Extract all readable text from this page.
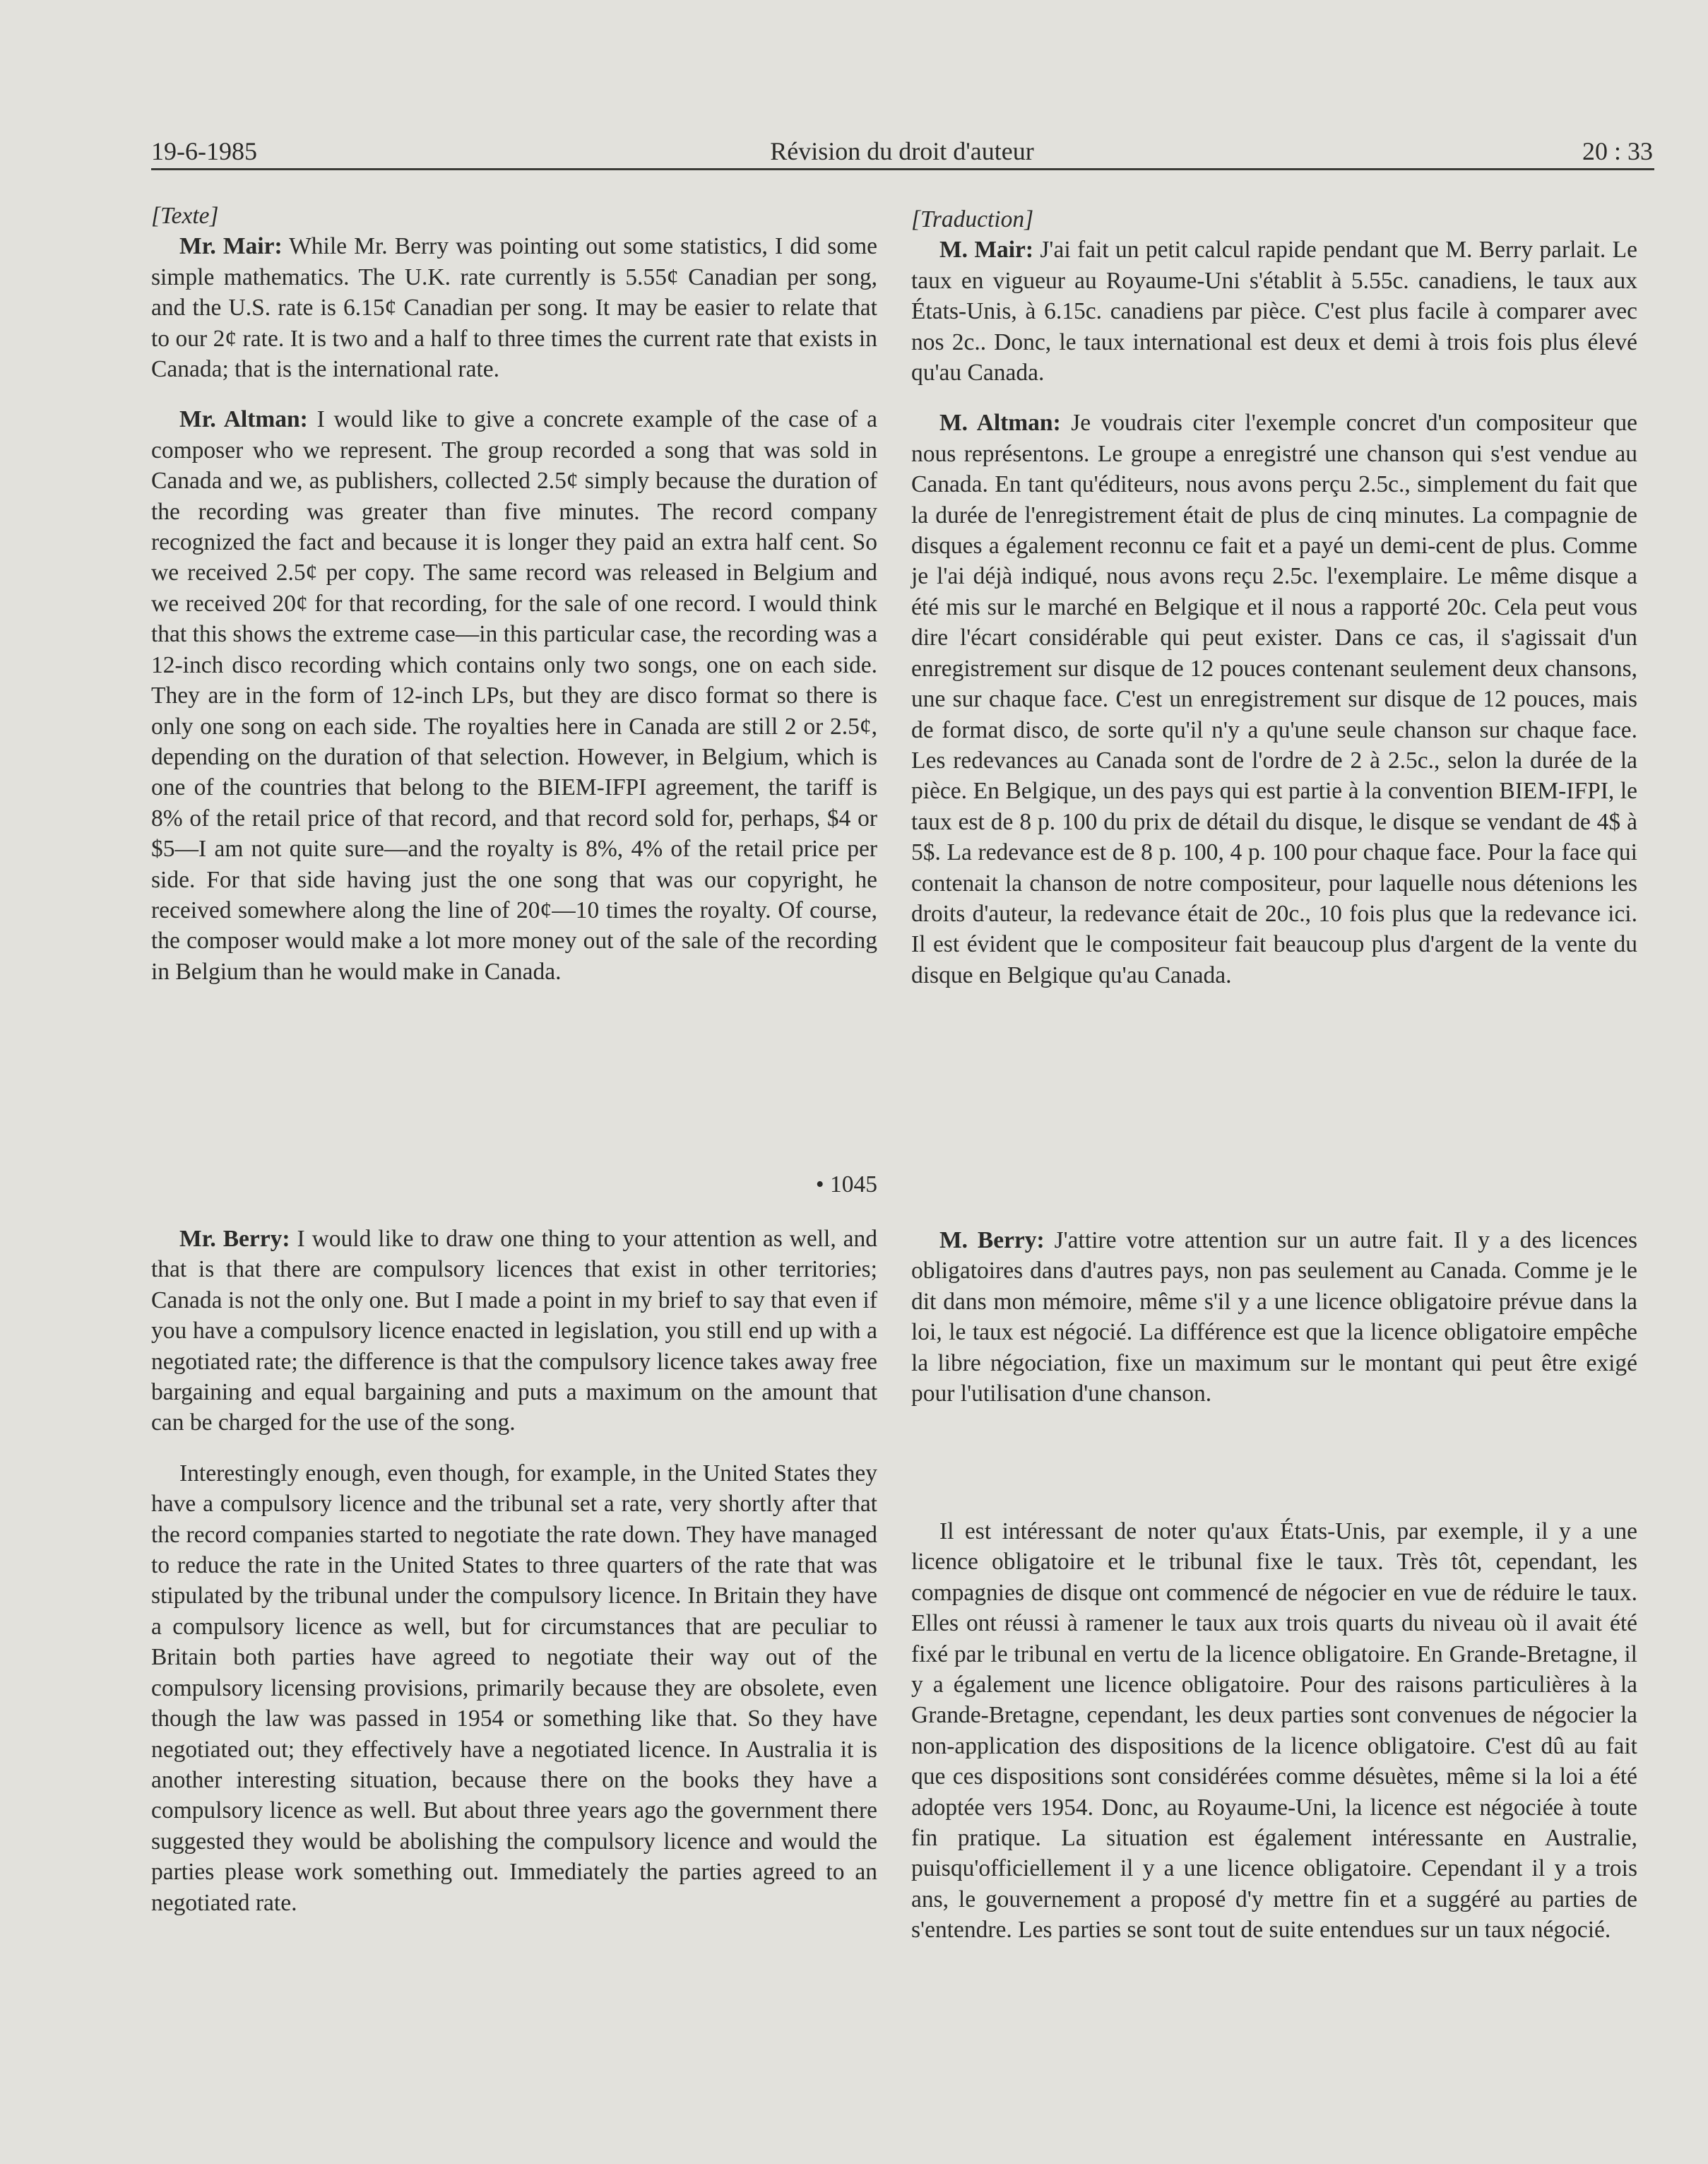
19-6-1985	Révision du droit d'auteur	20 : 33

[Texte]

Mr. Mair: While Mr. Berry was pointing out some statistics, I did some simple mathematics. The U.K. rate currently is 5.55¢ Canadian per song, and the U.S. rate is 6.15¢ Canadian per song. It may be easier to relate that to our 2¢ rate. It is two and a half to three times the current rate that exists in Canada; that is the international rate.

Mr. Altman: I would like to give a concrete example of the case of a composer who we represent. The group recorded a song that was sold in Canada and we, as publishers, collected 2.5¢ simply because the duration of the recording was greater than five minutes. The record company recognized the fact and because it is longer they paid an extra half cent. So we received 2.5¢ per copy. The same record was released in Belgium and we received 20¢ for that recording, for the sale of one record. I would think that this shows the extreme case—in this particular case, the recording was a 12-inch disco recording which contains only two songs, one on each side. They are in the form of 12-inch LPs, but they are disco format so there is only one song on each side. The royalties here in Canada are still 2 or 2.5¢, depending on the duration of that selection. However, in Belgium, which is one of the countries that belong to the BIEM-IFPI agreement, the tariff is 8% of the retail price of that record, and that record sold for, perhaps, $4 or $5—I am not quite sure—and the royalty is 8%, 4% of the retail price per side. For that side having just the one song that was our copyright, he received somewhere along the line of 20¢—10 times the royalty. Of course, the composer would make a lot more money out of the sale of the recording in Belgium than he would make in Canada.

• 1045

Mr. Berry: I would like to draw one thing to your attention as well, and that is that there are compulsory licences that exist in other territories; Canada is not the only one. But I made a point in my brief to say that even if you have a compulsory licence enacted in legislation, you still end up with a negotiated rate; the difference is that the compulsory licence takes away free bargaining and equal bargaining and puts a maximum on the amount that can be charged for the use of the song.

Interestingly enough, even though, for example, in the United States they have a compulsory licence and the tribunal set a rate, very shortly after that the record companies started to negotiate the rate down. They have managed to reduce the rate in the United States to three quarters of the rate that was stipulated by the tribunal under the compulsory licence. In Britain they have a compulsory licence as well, but for circumstances that are peculiar to Britain both parties have agreed to negotiate their way out of the compulsory licensing provisions, primarily because they are obsolete, even though the law was passed in 1954 or something like that. So they have negotiated out; they effectively have a negotiated licence. In Australia it is another interesting situation, because there on the books they have a compulsory licence as well. But about three years ago the government there suggested they would be abolishing the compulsory licence and would the parties please work something out. Immediately the parties agreed to an negotiated rate.

[Traduction]

M. Mair: J'ai fait un petit calcul rapide pendant que M. Berry parlait. Le taux en vigueur au Royaume-Uni s'établit à 5.55c. canadiens, le taux aux États-Unis, à 6.15c. canadiens par pièce. C'est plus facile à comparer avec nos 2c.. Donc, le taux international est deux et demi à trois fois plus élevé qu'au Canada.

M. Altman: Je voudrais citer l'exemple concret d'un compositeur que nous représentons. Le groupe a enregistré une chanson qui s'est vendue au Canada. En tant qu'éditeurs, nous avons perçu 2.5c., simplement du fait que la durée de l'enregistrement était de plus de cinq minutes. La compagnie de disques a également reconnu ce fait et a payé un demi-cent de plus. Comme je l'ai déjà indiqué, nous avons reçu 2.5c. l'exemplaire. Le même disque a été mis sur le marché en Belgique et il nous a rapporté 20c. Cela peut vous dire l'écart considérable qui peut exister. Dans ce cas, il s'agissait d'un enregistrement sur disque de 12 pouces contenant seulement deux chansons, une sur chaque face. C'est un enregistrement sur disque de 12 pouces, mais de format disco, de sorte qu'il n'y a qu'une seule chanson sur chaque face. Les redevances au Canada sont de l'ordre de 2 à 2.5c., selon la durée de la pièce. En Belgique, un des pays qui est partie à la convention BIEM-IFPI, le taux est de 8 p. 100 du prix de détail du disque, le disque se vendant de 4$ à 5$. La redevance est de 8 p. 100, 4 p. 100 pour chaque face. Pour la face qui contenait la chanson de notre compositeur, pour laquelle nous détenions les droits d'auteur, la redevance était de 20c., 10 fois plus que la redevance ici. Il est évident que le compositeur fait beaucoup plus d'argent de la vente du disque en Belgique qu'au Canada.

M. Berry: J'attire votre attention sur un autre fait. Il y a des licences obligatoires dans d'autres pays, non pas seulement au Canada. Comme je le dit dans mon mémoire, même s'il y a une licence obligatoire prévue dans la loi, le taux est négocié. La différence est que la licence obligatoire empêche la libre négociation, fixe un maximum sur le montant qui peut être exigé pour l'utilisation d'une chanson.

Il est intéressant de noter qu'aux États-Unis, par exemple, il y a une licence obligatoire et le tribunal fixe le taux. Très tôt, cependant, les compagnies de disque ont commencé de négocier en vue de réduire le taux. Elles ont réussi à ramener le taux aux trois quarts du niveau où il avait été fixé par le tribunal en vertu de la licence obligatoire. En Grande-Bretagne, il y a également une licence obligatoire. Pour des raisons particulières à la Grande-Bretagne, cependant, les deux parties sont convenues de négocier la non-application des dispositions de la licence obligatoire. C'est dû au fait que ces dispositions sont considérées comme désuètes, même si la loi a été adoptée vers 1954. Donc, au Royaume-Uni, la licence est négociée à toute fin pratique. La situation est également intéressante en Australie, puisqu'officiellement il y a une licence obligatoire. Cependant il y a trois ans, le gouvernement a proposé d'y mettre fin et a suggéré au parties de s'entendre. Les parties se sont tout de suite entendues sur un taux négocié.
